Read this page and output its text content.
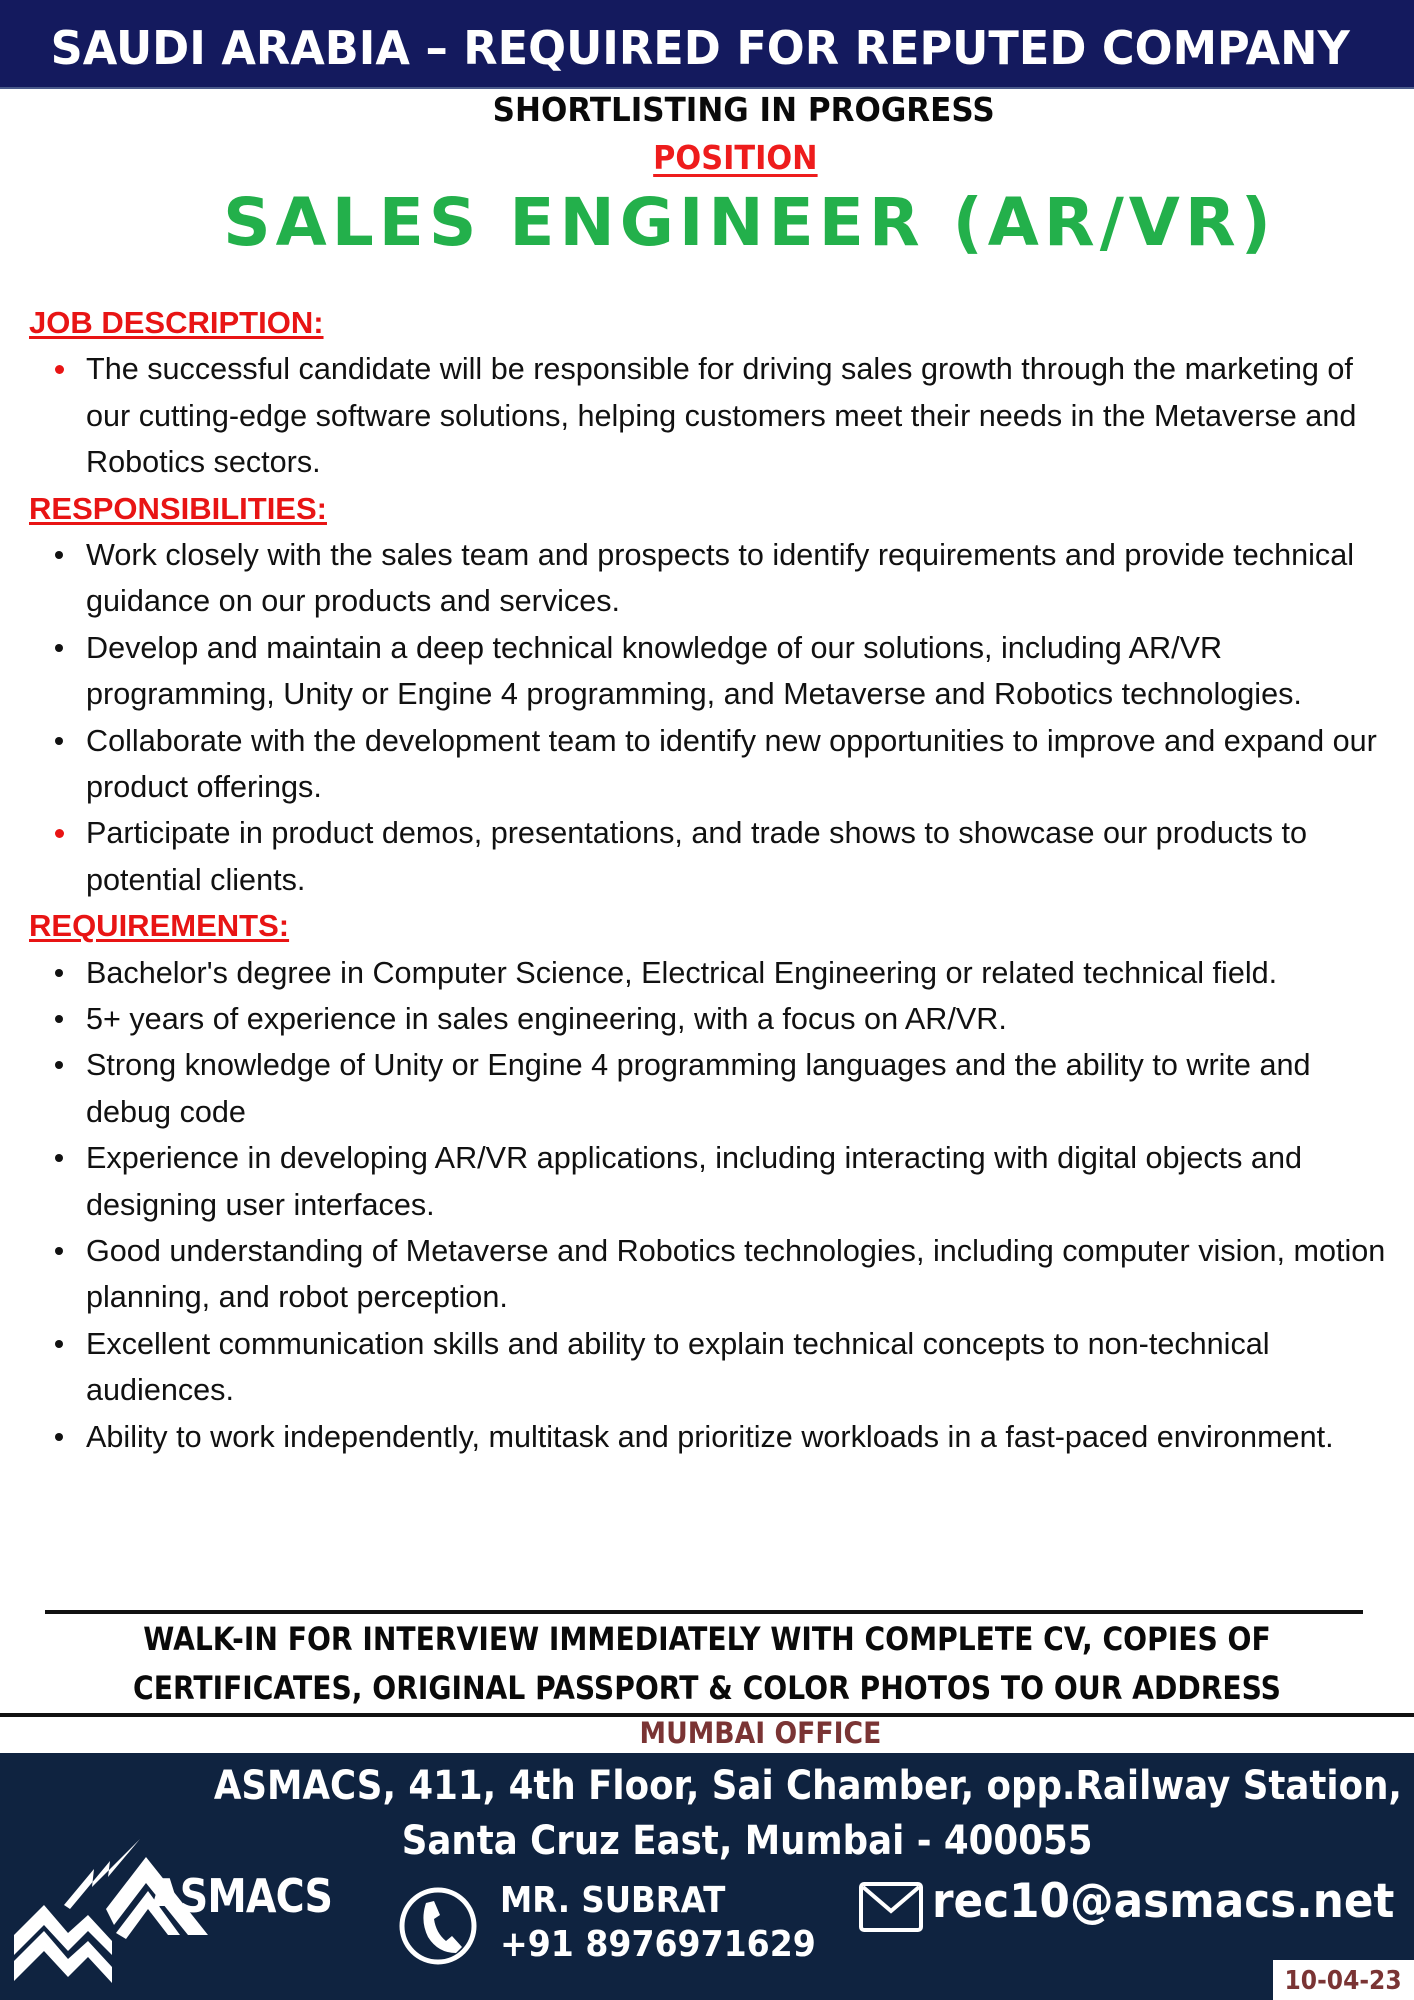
SAUDI ARABIA – REQUIRED FOR REPUTED COMPANY
SHORTLISTING IN PROGRESS
POSITION
SALES ENGINEER (AR/VR)
JOB DESCRIPTION:
The successful candidate will be responsible for driving sales growth through the marketing of our cutting-edge software solutions, helping customers meet their needs in the Metaverse and Robotics sectors.
RESPONSIBILITIES:
Work closely with the sales team and prospects to identify requirements and provide technical guidance on our products and services.
Develop and maintain a deep technical knowledge of our solutions, including AR/VR programming, Unity or Engine 4 programming, and Metaverse and Robotics technologies.
Collaborate with the development team to identify new opportunities to improve and expand our product offerings.
Participate in product demos, presentations, and trade shows to showcase our products to potential clients.
REQUIREMENTS:
Bachelor's degree in Computer Science, Electrical Engineering or related technical field.
5+ years of experience in sales engineering, with a focus on AR/VR.
Strong knowledge of Unity or Engine 4 programming languages and the ability to write and debug code
Experience in developing AR/VR applications, including interacting with digital objects and designing user interfaces.
Good understanding of Metaverse and Robotics technologies, including computer vision, motion planning, and robot perception.
Excellent communication skills and ability to explain technical concepts to non-technical audiences.
Ability to work independently, multitask and prioritize workloads in a fast-paced environment.
WALK-IN FOR INTERVIEW IMMEDIATELY WITH COMPLETE CV, COPIES OF
CERTIFICATES, ORIGINAL PASSPORT & COLOR PHOTOS TO OUR ADDRESS
MUMBAI OFFICE
ASMACS, 411, 4th Floor, Sai Chamber, opp.Railway Station,
Santa Cruz East, Mumbai - 400055
ASMACS	MR. SUBRAT
+91 8976971629
rec10@asmacs.net
10-04-23
